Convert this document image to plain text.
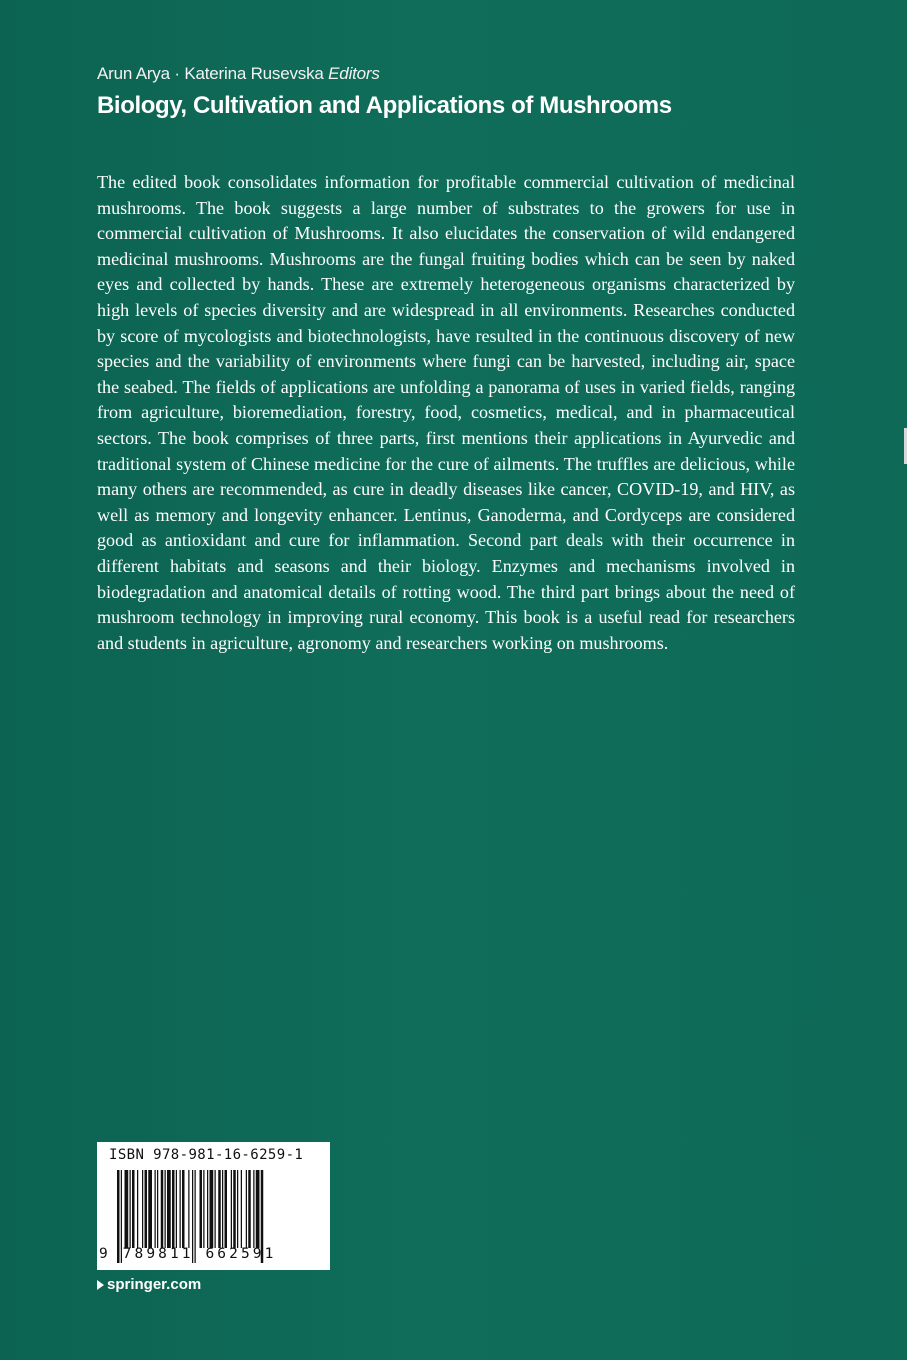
Arun Arya · Katerina Rusevska Editors
Biology, Cultivation and Applications of Mushrooms

The edited book consolidates information for profitable commercial cultivation of medicinal mushrooms. The book suggests a large number of substrates to the growers for use in commercial cultivation of Mushrooms. It also elucidates the conservation of wild endangered medicinal mushrooms. Mushrooms are the fungal fruiting bodies which can be seen by naked eyes and collected by hands. These are extremely heterogeneous organisms characterized by high levels of species diversity and are widespread in all environments. Researches conducted by score of mycologists and biotechnologists, have resulted in the continuous discovery of new species and the variability of environments where fungi can be harvested, including air, space the seabed. The fields of applications are unfolding a panorama of uses in varied fields, ranging from agriculture, bioremediation, forestry, food, cosmetics, medical, and in pharmaceutical sectors. The book comprises of three parts, first mentions their applications in Ayurvedic and traditional system of Chinese medicine for the cure of ailments. The truffles are delicious, while many others are recommended, as cure in deadly diseases like cancer, COVID-19, and HIV, as well as memory and longevity enhancer. Lentinus, Ganoderma, and Cordyceps are considered good as antioxidant and cure for inflammation. Second part deals with their occurrence in different habitats and seasons and their biology. Enzymes and mechanisms involved in biodegradation and anatomical details of rotting wood. The third part brings about the need of mushroom technology in improving rural economy. This book is a useful read for researchers and students in agriculture, agronomy and researchers working on mushrooms.

ISBN 978-981-16-6259-1
9 789811 662591
springer.com
